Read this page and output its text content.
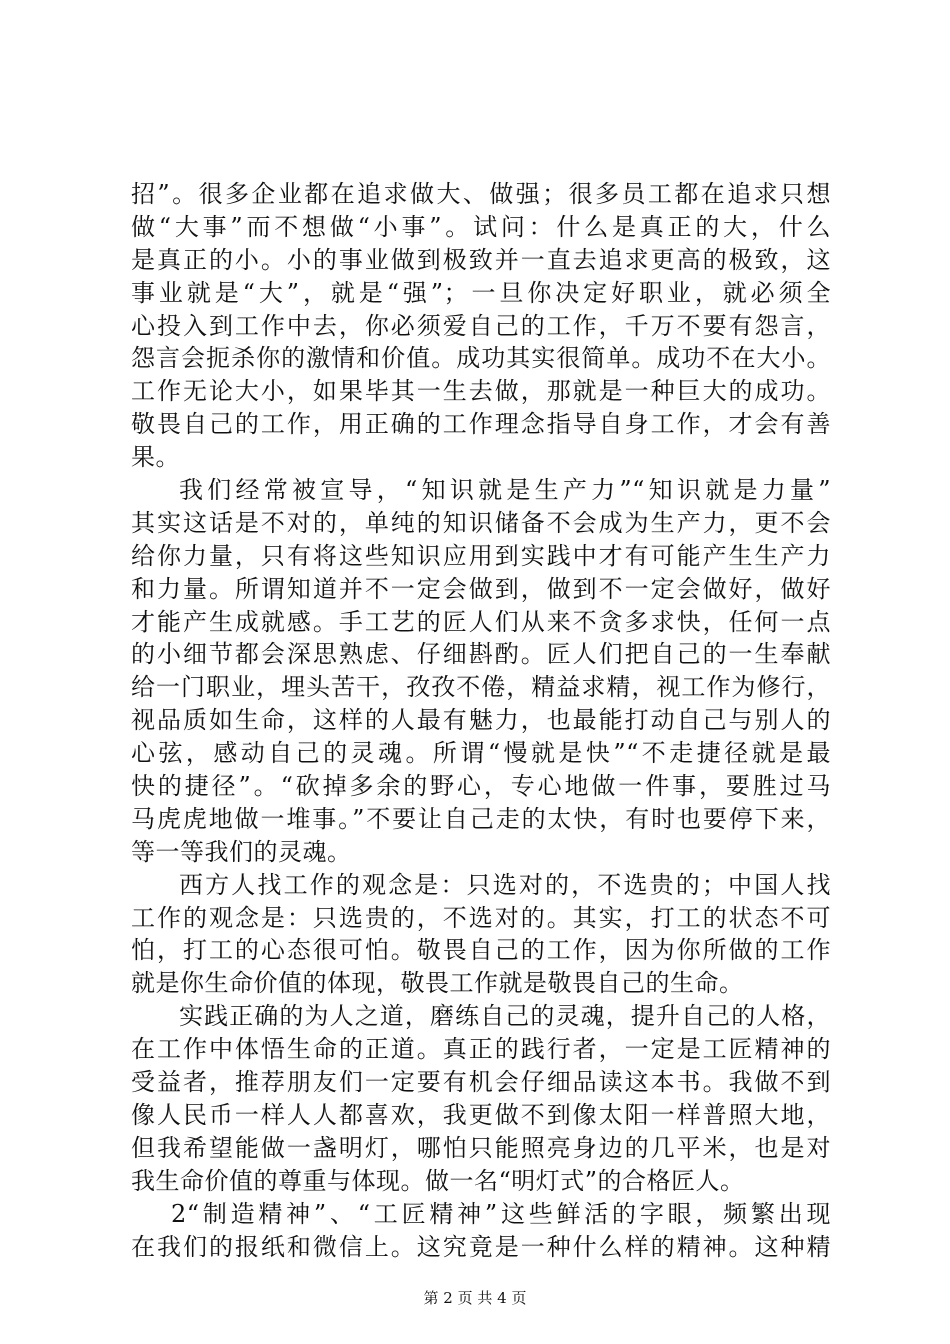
招”。很多企业都在追求做大、做强；很多员工都在追求只想
做“大事”而不想做“小事”。试问：什么是真正的大，什么
是真正的小。小的事业做到极致并一直去追求更高的极致，这
事业就是“大”，就是“强”；一旦你决定好职业，就必须全
心投入到工作中去，你必须爱自己的工作，千万不要有怨言，
怨言会扼杀你的激情和价值。成功其实很简单。成功不在大小。
工作无论大小，如果毕其一生去做，那就是一种巨大的成功。
敬畏自己的工作，用正确的工作理念指导自身工作，才会有善
果。
我们经常被宣导，“知识就是生产力”“知识就是力量”
其实这话是不对的，单纯的知识储备不会成为生产力，更不会
给你力量，只有将这些知识应用到实践中才有可能产生生产力
和力量。所谓知道并不一定会做到，做到不一定会做好，做好
才能产生成就感。手工艺的匠人们从来不贪多求快，任何一点
的小细节都会深思熟虑、仔细斟酌。匠人们把自己的一生奉献
给一门职业，埋头苦干，孜孜不倦，精益求精，视工作为修行，
视品质如生命，这样的人最有魅力，也最能打动自己与别人的
心弦，感动自己的灵魂。所谓“慢就是快”“不走捷径就是最
快的捷径”。“砍掉多余的野心，专心地做一件事，要胜过马
马虎虎地做一堆事。”不要让自己走的太快，有时也要停下来，
等一等我们的灵魂。
西方人找工作的观念是：只选对的，不选贵的；中国人找
工作的观念是：只选贵的，不选对的。其实，打工的状态不可
怕，打工的心态很可怕。敬畏自己的工作，因为你所做的工作
就是你生命价值的体现，敬畏工作就是敬畏自己的生命。
实践正确的为人之道，磨练自己的灵魂，提升自己的人格，
在工作中体悟生命的正道。真正的践行者，一定是工匠精神的
受益者，推荐朋友们一定要有机会仔细品读这本书。我做不到
像人民币一样人人都喜欢，我更做不到像太阳一样普照大地，
但我希望能做一盏明灯，哪怕只能照亮身边的几平米，也是对
我生命价值的尊重与体现。做一名“明灯式”的合格匠人。
2“制造精神”、“工匠精神”这些鲜活的字眼，频繁出现
在我们的报纸和微信上。这究竟是一种什么样的精神。这种精
第 2 页 共 4 页
